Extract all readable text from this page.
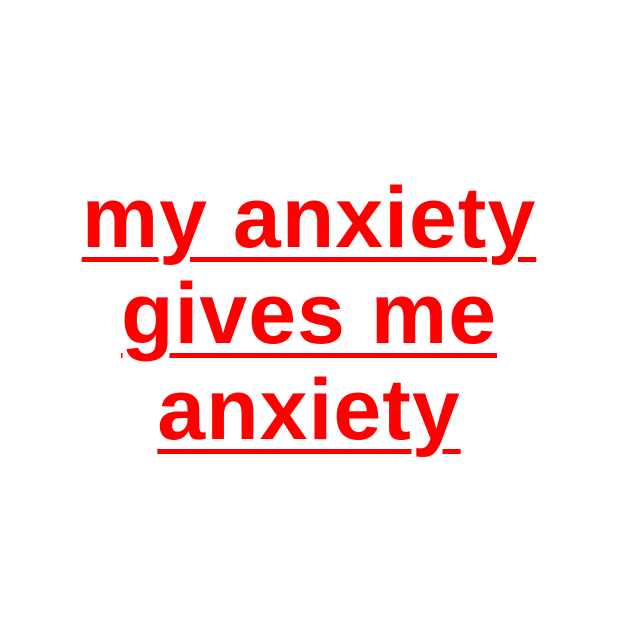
my anxiety
gives me
anxiety
